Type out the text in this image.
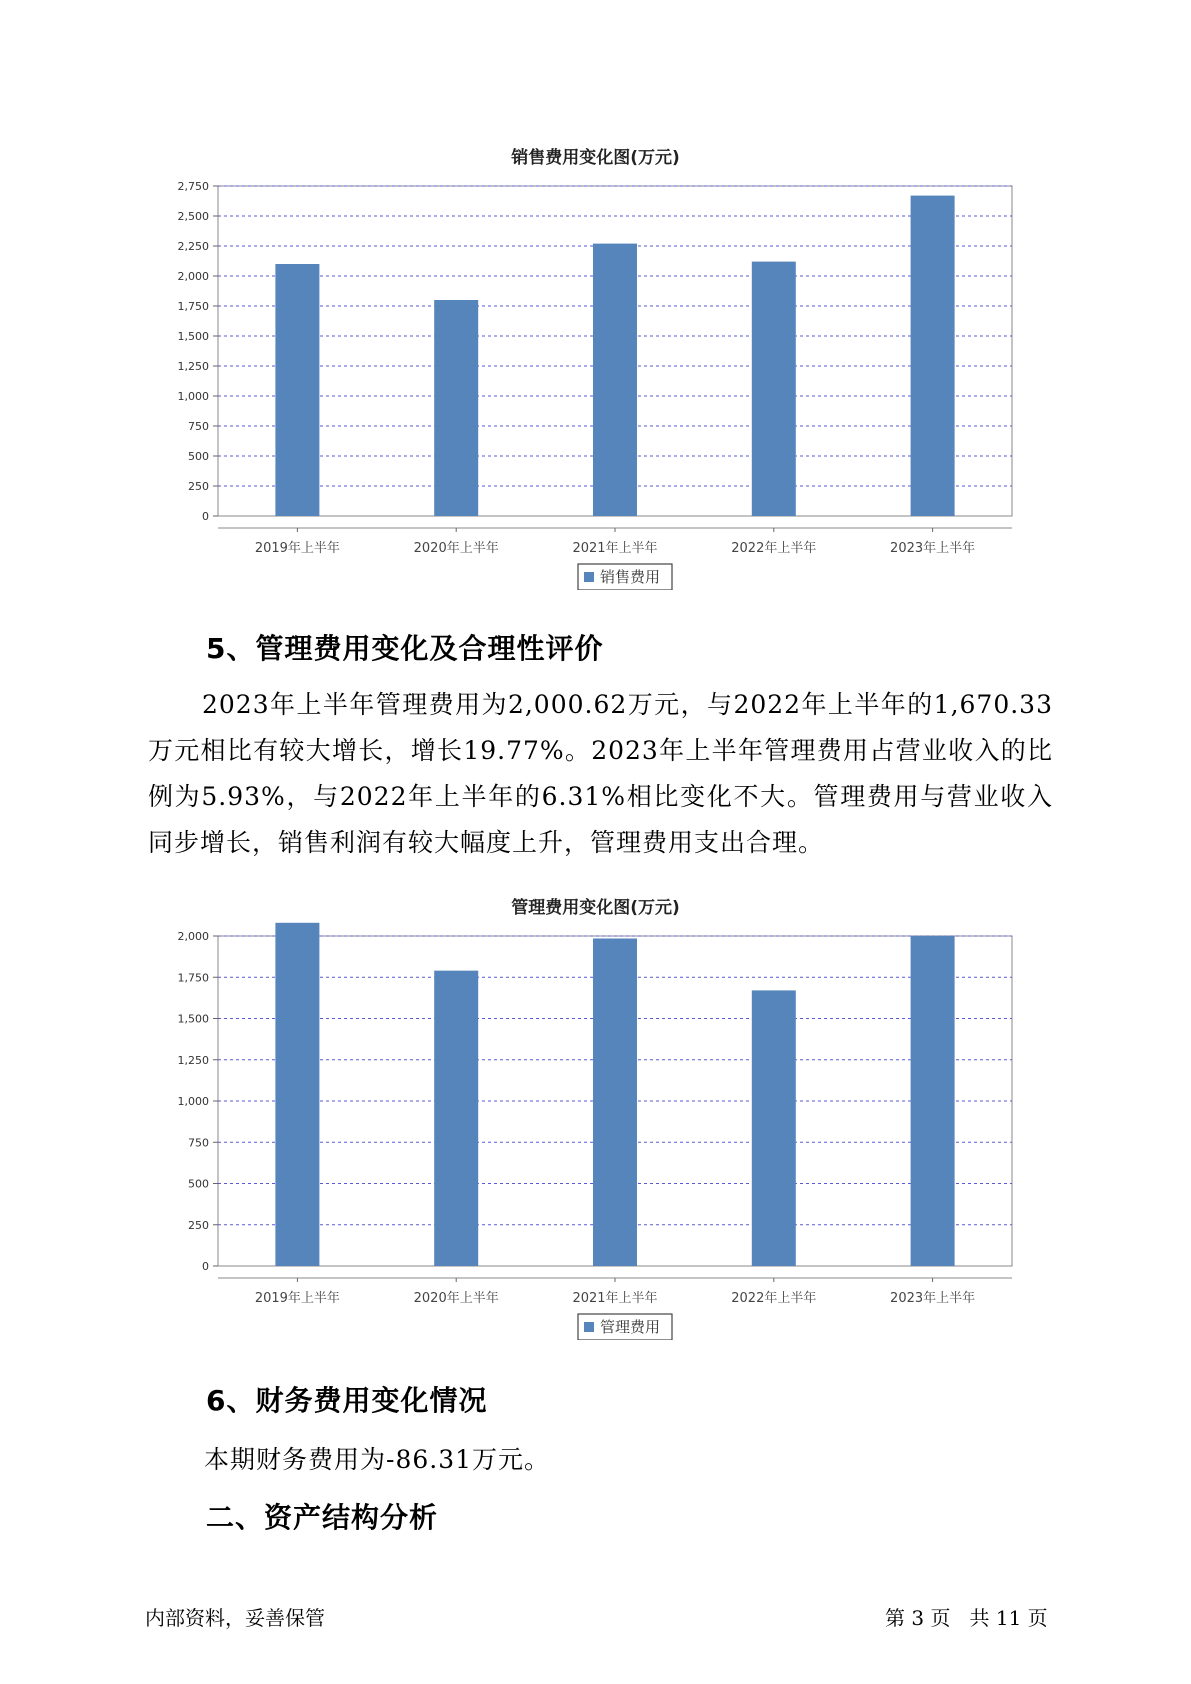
销售费用变化图(万元)
0
250
500
750
1,000
1,250
1,500
1,750
2,000
2,250
2,500
2,750
2019年上半年	2020年上半年	2021年上半年	2022年上半年	2023年上半年
销售费用
5、管理费用变化及合理性评价
2023年上半年管理费用为2,000.62万元，与2022年上半年的1,670.33万元相比有较大增长，增长19.77%。2023年上半年管理费用占营业收入的比例为5.93%，与2022年上半年的6.31%相比变化不大。管理费用与营业收入同步增长，销售利润有较大幅度上升，管理费用支出合理。
管理费用变化图(万元)
0
250
500
750
1,000
1,250
1,500
1,750
2,000
2019年上半年	2020年上半年	2021年上半年	2022年上半年	2023年上半年
管理费用
6、财务费用变化情况
本期财务费用为-86.31万元。
二、资产结构分析
内部资料，妥善保管	第 3 页   共 11 页
